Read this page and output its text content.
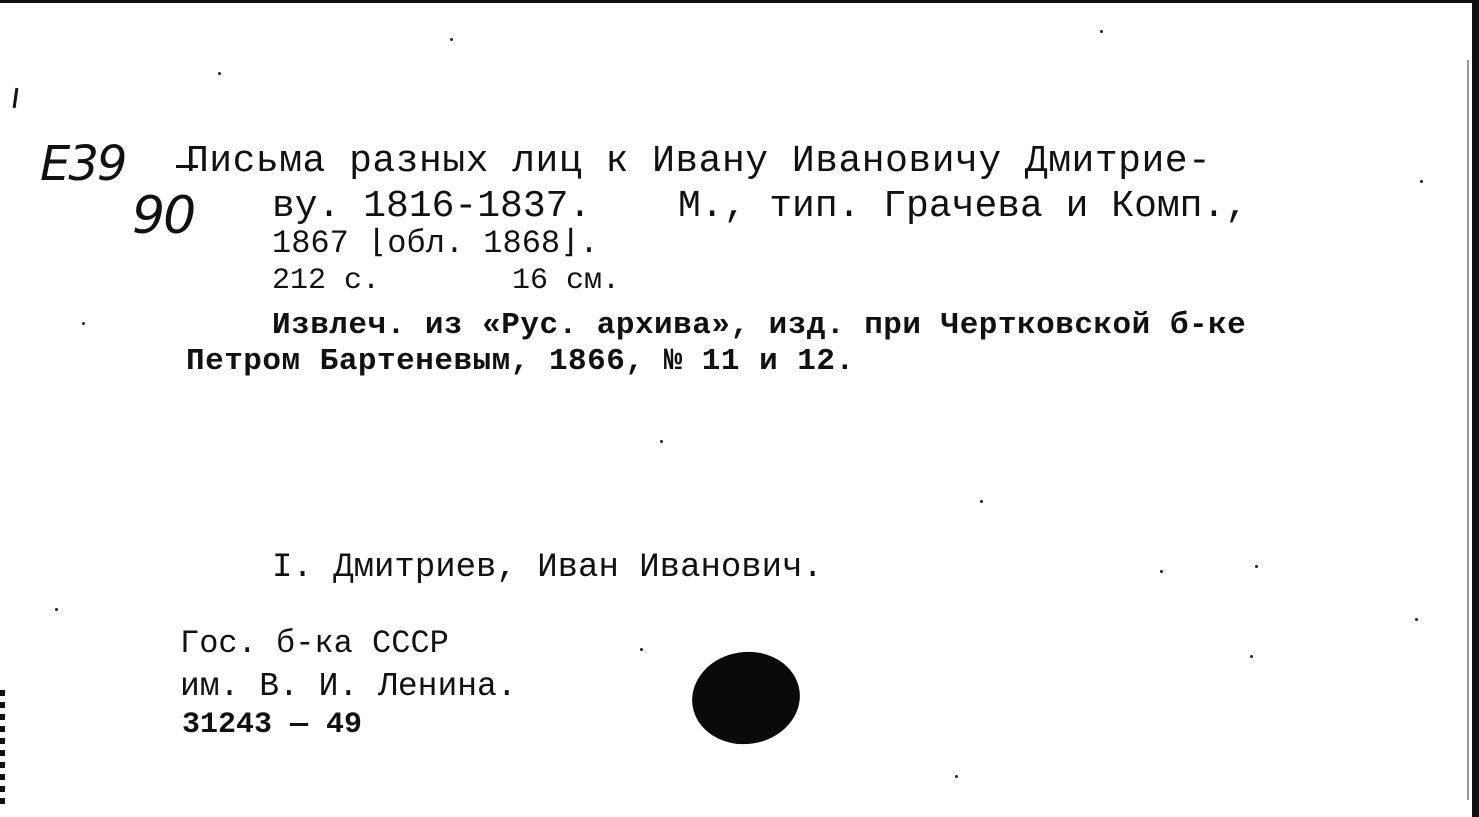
Е39
90
Письма разных лиц к Ивану Ивановичу Дмитрие-
ву. 1816-1837. М., тип. Грачева и Комп.,
1867 ⌊обл. 1868⌋.
212 с.	16 см.
Извлеч. из «Рус. архива», изд. при Чертковской б-ке
Петром Бартеневым, 1866, № 11 и 12.
I. Дмитриев, Иван Иванович.
Гос. б-ка СССР
им. В. И. Ленина.
31243 — 49
